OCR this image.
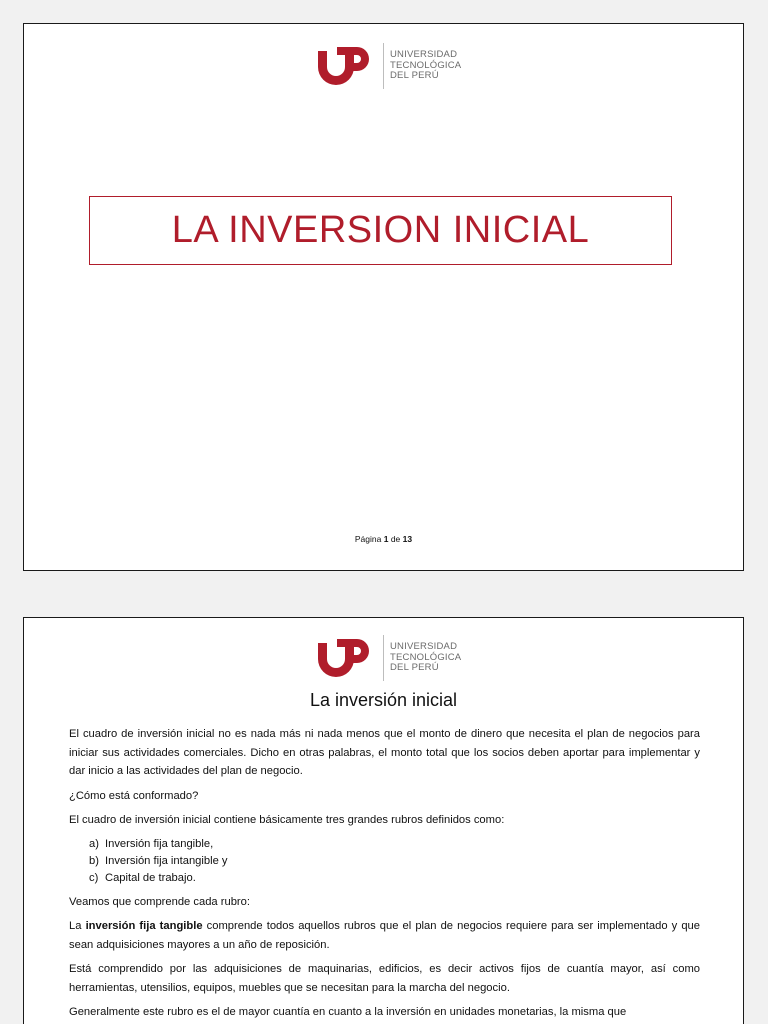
UNIVERSIDAD
TECNOLÓGICA
DEL PERÚ
LA INVERSION INICIAL
Página 1 de 13
UNIVERSIDAD
TECNOLÓGICA
DEL PERÚ
La inversión inicial

El cuadro de inversión inicial no es nada más ni nada menos que el monto de dinero que necesita el plan de negocios para iniciar sus actividades comerciales. Dicho en otras palabras, el monto total que los socios deben aportar para implementar y dar inicio a las actividades del plan de negocio.

¿Cómo está conformado?

El cuadro de inversión inicial contiene básicamente tres grandes rubros definidos como:

a) Inversión fija tangible,
b) Inversión fija intangible y
c) Capital de trabajo.

Veamos que comprende cada rubro:

La inversión fija tangible comprende todos aquellos rubros que el plan de negocios requiere para ser implementado y que sean adquisiciones mayores a un año de reposición.

Está comprendido por las adquisiciones de maquinarias, edificios, es decir activos fijos de cuantía mayor, así como herramientas, utensilios, equipos, muebles que se necesitan para la marcha del negocio.

Generalmente este rubro es el de mayor cuantía en cuanto a la inversión en unidades monetarias, la misma que
